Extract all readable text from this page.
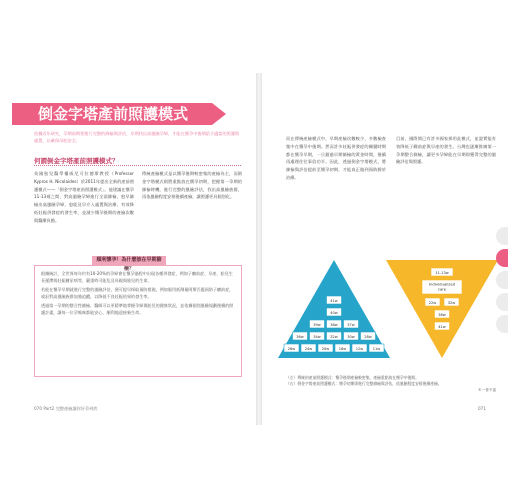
倒金字塔產前照護模式
依據近年研究，孕期前期要進行完整的篩檢與評估，早期找出高風險孕婦，才能在懷孕中後期給予適當的照護與處置，以確保母胎安全。
何謂倒金字塔產前照護模式？
英國胎兒醫學權威尼可拉德斯教授（Professor Kypros H. Nicolaides）於2011年提出全新的產前照護模式——「倒金字塔產前照護模式」。他建議在懷孕11-13週之間，對高風險孕婦進行全面篩檢，愈早篩檢出高風險孕婦，愈能及早介入處置與治療，有效降低妊娠併發症的發生率，並減少懷孕後期的產檢次數與醫療負擔。
傳統產檢模式是以懷孕後期較密集的產檢為主，而倒金字塔模式則將重點放在懷孕初期，把握第一孕期的篩檢時機，進行完整的風險評估，找出高風險族群，再依風險程度安排後續產檢，讓照護更具個別化。
順利懷孕！為什麼該在早期篩檢？

根據統計，全世界每年約有10-20%的孕婦會在懷孕過程中出現各種併發症，例如子癇前症、早產、胎兒生長遲滯與妊娠糖尿病等，嚴重時可能危及母親與胎兒的生命。

若能在懷孕早期就進行完整的風險評估，便可提早採取預防措施，例如服用低劑量阿斯匹靈預防子癇前症，或針對高風險族群加強追蹤，以降低不良妊娠結果的發生率。

透過第一孕期的整合性篩檢，醫師可以更精準地掌握孕婦與胎兒的健康狀況，並依據個別風險規劃後續的照護計畫，讓每一位孕媽咪都能安心、順利地迎接新生命。

070 Part2 完整產檢讓你好孕到底
而在傳統產檢模式中，早期產檢次數較少，多數檢查集中在懷孕中後期。然而許多妊娠併發症的關鍵時期都在懷孕早期，一旦錯過早期篩檢的黃金時間，後續再處理往往事倍功半。因此，透過倒金字塔模式，將篩檢與評估提前至懷孕初期，才能真正做到預防勝於治療。
目前，國際間已有許多國家採用此模式，並證實能有效降低子癇前症與早產的發生。台灣也逐漸推廣第一孕期整合篩檢，讓更多孕婦能在早期即獲得完整的風險評估與照護。
41w
40w
39w	38w	37w
36w	34w	32w	30w	28w
26w	24w	20w	16w	12w	11w
11-13w
Individualized
care
22w	32w
36w
41w
（左）傳統的產前照護模式：懷孕後期產檢較密集，產檢重點放在懷孕中後期。
（右）倒金字塔產前照護模式：懷孕初期即進行完整篩檢與評估，依風險程度安排後續產檢。
©一者不遠
071
